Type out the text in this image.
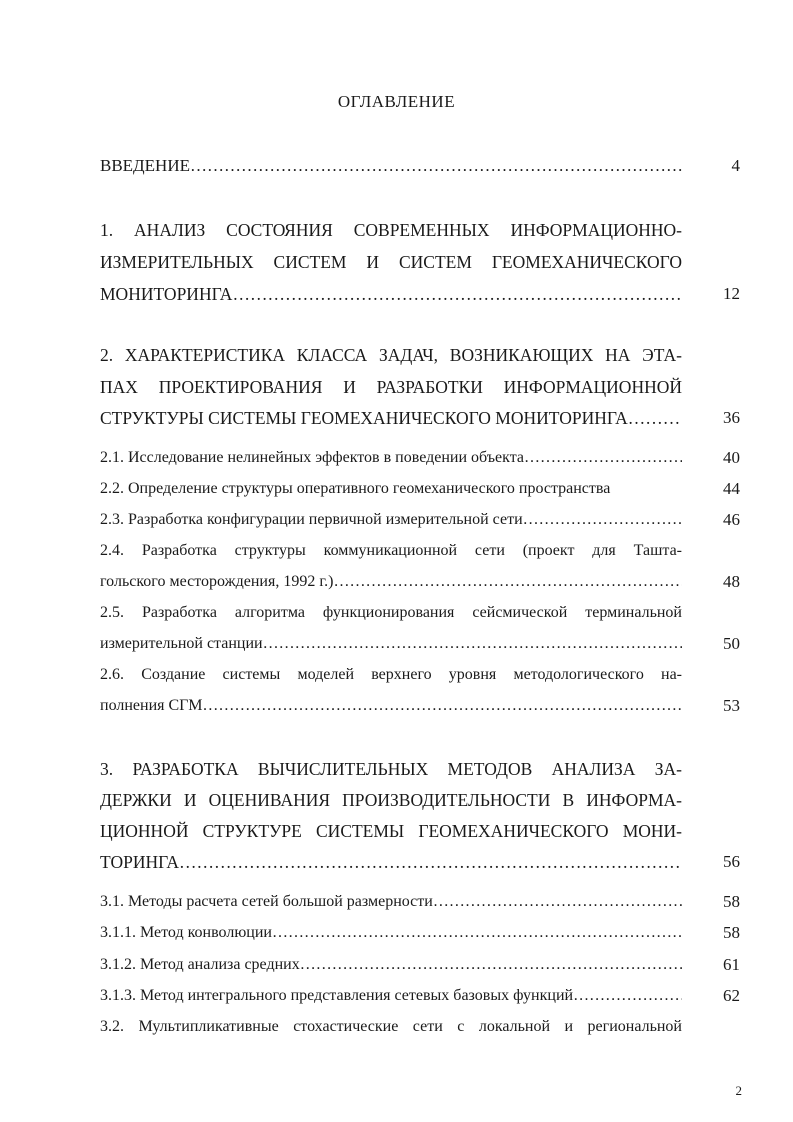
ОГЛАВЛЕНИЕ
ВВЕДЕНИЕ …………………………………………………………………………………………………………………………………………………………………………………………	4
1. АНАЛИЗ СОСТОЯНИЯ СОВРЕМЕННЫХ ИНФОРМАЦИОННО-
ИЗМЕРИТЕЛЬНЫХ СИСТЕМ И СИСТЕМ ГЕОМЕХАНИЧЕСКОГО
МОНИТОРИНГА …………………………………………………………………………………………………………………………………………………………………………………………	12
2. ХАРАКТЕРИСТИКА КЛАССА ЗАДАЧ, ВОЗНИКАЮЩИХ НА ЭТА-
ПАХ ПРОЕКТИРОВАНИЯ И РАЗРАБОТКИ ИНФОРМАЦИОННОЙ
СТРУКТУРЫ СИСТЕМЫ ГЕОМЕХАНИЧЕСКОГО МОНИТОРИНГА …………………………………………………………………………………………………………………………………………………………………………………………	36
2.1. Исследование нелинейных эффектов в поведении объекта …………………………………………………………………………………………………………………………………………………………………………………………	40
2.2. Определение структуры оперативного геомеханического пространства	44
2.3. Разработка конфигурации первичной измерительной сети …………………………………………………………………………………………………………………………………………………………………………………………	46
2.4. Разработка структуры коммуникационной сети (проект для Ташта-
гольского месторождения, 1992 г.) …………………………………………………………………………………………………………………………………………………………………………………………	48
2.5. Разработка алгоритма функционирования сейсмической терминальной
измерительной станции …………………………………………………………………………………………………………………………………………………………………………………………	50
2.6. Создание системы моделей верхнего уровня методологического на-
полнения СГМ …………………………………………………………………………………………………………………………………………………………………………………………	53
3. РАЗРАБОТКА ВЫЧИСЛИТЕЛЬНЫХ МЕТОДОВ АНАЛИЗА ЗА-
ДЕРЖКИ И ОЦЕНИВАНИЯ ПРОИЗВОДИТЕЛЬНОСТИ В ИНФОРМА-
ЦИОННОЙ СТРУКТУРЕ СИСТЕМЫ ГЕОМЕХАНИЧЕСКОГО МОНИ-
ТОРИНГА …………………………………………………………………………………………………………………………………………………………………………………………	56
3.1. Методы расчета сетей большой размерности …………………………………………………………………………………………………………………………………………………………………………………………	58
3.1.1. Метод конволюции …………………………………………………………………………………………………………………………………………………………………………………………	58
3.1.2. Метод анализа средних …………………………………………………………………………………………………………………………………………………………………………………………	61
3.1.3. Метод интегрального представления сетевых базовых функций …………………………………………………………………………………………………………………………………………………………………………………………	62
3.2. Мультипликативные стохастические сети с локальной и региональной
2
